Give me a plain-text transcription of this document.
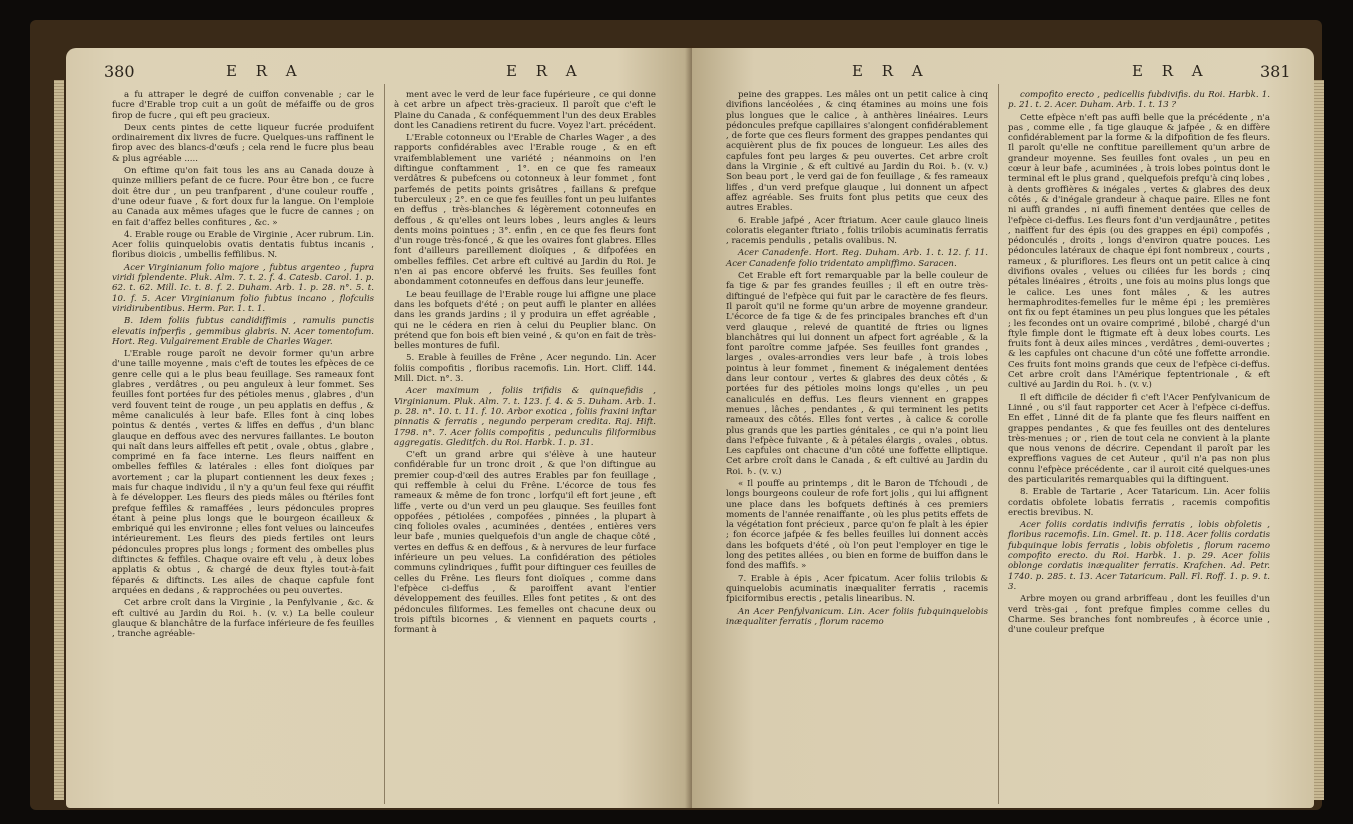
380	E R A	E R A

a fu attraper le degré de cuiffon convenable ; car le fucre d'Erable trop cuit a un goût de méfaiffe ou de gros firop de fucre , qui eft peu gracieux.

Deux cents pintes de cette liqueur fucrée produifent ordinairement dix livres de fucre. Quelques-uns raffinent le firop avec des blancs-d'œufs ; cela rend le fucre plus beau & plus agréable .....

On eftime qu'on fait tous les ans au Canada douze à quinze milliers pefant de ce fucre. Pour être bon , ce fucre doit être dur , un peu tranfparent , d'une couleur rouffe , d'une odeur fuave , & fort doux fur la langue. On l'emploie au Canada aux mêmes ufages que le fucre de cannes ; on en fait d'affez belles confitures , &c. »

4. Erable rouge ou Erable de Virginie , Acer rubrum. Lin. Acer foliis quinquelobis ovatis dentatis fubtus incanis , floribus dioicis , umbellis feffilibus. N.

Acer Virginianum folio majore , fubtus argenteo , fupra viridi fplendente. Pluk. Alm. 7. t. 2. f. 4. Catesb. Carol. 1. p. 62. t. 62. Mill. Ic. t. 8. f. 2. Duham. Arb. 1. p. 28. n°. 5. t. 10. f. 5. Acer Virginianum folio fubtus incano , flofculis viridirubentibus. Herm. Par. 1. t. 1.

B. Idem foliis fubtus candidiffimis , ramulis punctis elevatis infperfis , gemmibus glabris. N. Acer tomentofum. Hort. Reg. Vulgairement Erable de Charles Wager.

L'Erable rouge paroît ne devoir former qu'un arbre d'une taille moyenne , mais c'eft de toutes les efpèces de ce genre celle qui a le plus beau feuillage. Ses rameaux font glabres , verdâtres , ou peu anguleux à leur fommet. Ses feuilles font portées fur des pétioles menus , glabres , d'un verd fouvent teint de rouge , un peu applatis en deffus , & même canaliculés à leur bafe. Elles font à cinq lobes pointus & dentés , vertes & liffes en deffus , d'un blanc glauque en deffous avec des nervures faillantes. Le bouton qui naît dans leurs aiffelles eft petit , ovale , obtus , glabre , comprimé en fa face interne. Les fleurs naiffent en ombelles feffiles & latérales : elles font dioïques par avortement ; car la plupart contiennent les deux fexes ; mais fur chaque individu , il n'y a qu'un feul fexe qui réuffit à fe développer. Les fleurs des pieds mâles ou ftériles font prefque feffiles & ramaffées , leurs pédoncules propres étant à peine plus longs que le bourgeon écailleux & embriqué qui les environne ; elles font velues ou lainceufes intérieurement. Les fleurs des pieds fertiles ont leurs pédoncules propres plus longs ; forment des ombelles plus diftinctes & feffiles. Chaque ovaire eft velu , à deux lobes applatis & obtus , & chargé de deux ftyles tout-à-fait féparés & diftincts. Les ailes de chaque capfule font arquées en dedans , & rapprochées ou peu ouvertes.

Cet arbre croît dans la Virginie , la Penfylvanie , &c. & eft cultivé au Jardin du Roi. ♄. (v. v.) La belle couleur glauque & blanchâtre de la furface inférieure de fes feuilles , tranche agréable-

ment avec le verd de leur face fupérieure , ce qui donne à cet arbre un afpect très-gracieux. Il paroît que c'eft le Plaine du Canada , & conféquemment l'un des deux Erables dont les Canadiens retirent du fucre. Voyez l'art. précédent.

L'Erable cotonneux ou l'Erable de Charles Wager , a des rapports confidérables avec l'Erable rouge , & en eft vraifemblablement une variété ; néanmoins on l'en diftingue conftamment , 1°. en ce que fes rameaux verdâtres & pubefcens ou cotonneux à leur fommet , font parfemés de petits points grisâtres , faillans & prefque tuberculeux ; 2°. en ce que fes feuilles font un peu luifantes en deffus , très-blanches & légèrement cotonneufes en deffous , & qu'elles ont leurs lobes , leurs angles & leurs dents moins pointues ; 3°. enfin , en ce que fes fleurs font d'un rouge très-foncé , & que les ovaires font glabres. Elles font d'ailleurs pareillement dioïques , & difpofées en ombelles feffiles. Cet arbre eft cultivé au Jardin du Roi. Je n'en ai pas encore obfervé les fruits. Ses feuilles font abondamment cotonneufes en deffous dans leur jeuneffe.

Le beau feuillage de l'Erable rouge lui affigne une place dans les bofquets d'été ; on peut auffi le planter en allées dans les grands jardins ; il y produira un effet agréable , qui ne le cédera en rien à celui du Peuplier blanc. On prétend que fon bois eft bien veiné , & qu'on en fait de très-belles montures de fufil.

5. Erable à feuilles de Frêne , Acer negundo. Lin. Acer foliis compofitis , floribus racemofis. Lin. Hort. Cliff. 144. Mill. Dict. n°. 3.

Acer maximum , foliis trifidis & quinquefidis , Virginianum. Pluk. Alm. 7. t. 123. f. 4. & 5. Duham. Arb. 1. p. 28. n°. 10. t. 11. f. 10. Arbor exotica , foliis fraxini inftar pinnatis & ferratis , negundo perperam credita. Raj. Hift. 1798. n°. 7. Acer foliis compofitis , pedunculis filiformibus aggregatis. Gleditfch. du Roi. Harbk. 1. p. 31.

C'eft un grand arbre qui s'élève à une hauteur confidérable fur un tronc droit , & que l'on diftingue au premier coup-d'œil des autres Erables par fon feuillage , qui reffemble à celui du Frêne. L'écorce de tous fes rameaux & même de fon tronc , lorfqu'il eft fort jeune , eft liffe , verte ou d'un verd un peu glauque. Ses feuilles font oppofées , pétiolées , compofées , pinnées , la plupart à cinq folioles ovales , acuminées , dentées , entières vers leur bafe , munies quelquefois d'un angle de chaque côté , vertes en deffus & en deffous , & à nervures de leur furface inférieure un peu velues. La confidération des pétioles communs cylindriques , fuffit pour diftinguer ces feuilles de celles du Frêne. Les fleurs font dioïques , comme dans l'efpèce ci-deffus , & paroiffent avant l'entier développement des feuilles. Elles font petites , & ont des pédoncules filiformes. Les femelles ont chacune deux ou trois piftils bicornes , & viennent en paquets courts , formant à

E R A	E R A	381

peine des grappes. Les mâles ont un petit calice à cinq divifions lancéolées , & cinq étamines au moins une fois plus longues que le calice , à anthères linéaires. Leurs pédoncules prefque capillaires s'alongent confidérablement , de forte que ces fleurs forment des grappes pendantes qui acquièrent plus de fix pouces de longueur. Les ailes des capfules font peu larges & peu ouvertes. Cet arbre croît dans la Virginie , & eft cultivé au Jardin du Roi. ♄. (v. v.) Son beau port , le verd gai de fon feuillage , & fes rameaux liffes , d'un verd prefque glauque , lui donnent un afpect affez agréable. Ses fruits font plus petits que ceux des autres Erables.

6. Erable jafpé , Acer ftriatum. Acer caule glauco lineis coloratis eleganter ftriato , foliis trilobis acuminatis ferratis , racemis pendulis , petalis ovalibus. N.

Acer Canadenfe. Hort. Reg. Duham. Arb. 1. t. 12. f. 11. Acer Canadenfe folio tridentato ampliffimo. Saracen.

Cet Erable eft fort remarquable par la belle couleur de fa tige & par fes grandes feuilles ; il eft en outre très-diftingué de l'efpèce qui fuit par le caractère de fes fleurs. Il paroît qu'il ne forme qu'un arbre de moyenne grandeur. L'écorce de fa tige & de fes principales branches eft d'un verd glauque , relevé de quantité de ftries ou lignes blanchâtres qui lui donnent un afpect fort agréable , & la font paroître comme jafpée. Ses feuilles font grandes , larges , ovales-arrondies vers leur bafe , à trois lobes pointus à leur fommet , finement & inégalement dentées dans leur contour , vertes & glabres des deux côtés , & portées fur des pétioles moins longs qu'elles , un peu canaliculés en deffus. Les fleurs viennent en grappes menues , lâches , pendantes , & qui terminent les petits rameaux des côtés. Elles font vertes , à calice & corolle plus grands que les parties génitales , ce qui n'a point lieu dans l'efpèce fuivante , & à pétales élargis , ovales , obtus. Les capfules ont chacune d'un côté une foffette elliptique. Cet arbre croît dans le Canada , & eft cultivé au Jardin du Roi. ♄. (v. v.)

« Il pouffe au printemps , dit le Baron de Tfchoudi , de longs bourgeons couleur de rofe fort jolis , qui lui affignent une place dans les bofquets deftinés à ces premiers moments de l'année renaiffante , où les plus petits effets de la végétation font précieux , parce qu'on fe plaît à les épier ; fon écorce jafpée & fes belles feuilles lui donnent accès dans les bofquets d'été , où l'on peut l'employer en tige le long des petites allées , ou bien en forme de buiffon dans le fond des maffifs. »

7. Erable à épis , Acer fpicatum. Acer foliis trilobis & quinquelobis acuminatis inæqualiter ferratis , racemis fpiciformibus erectis , petalis linearibus. N.

An Acer Penfylvanicum. Lin. Acer foliis fubquinquelobis inæqualiter ferratis , florum racemo

compofito erecto , pedicellis fubdivifis. du Roi. Harbk. 1. p. 21. t. 2. Acer. Duham. Arb. 1. t. 13 ?

Cette efpèce n'eft pas auffi belle que la précédente , n'a pas , comme elle , fa tige glauque & jafpée , & en diffère confidérablement par la forme & la difpofition de fes fleurs. Il paroît qu'elle ne conftitue pareillement qu'un arbre de grandeur moyenne. Ses feuilles font ovales , un peu en cœur à leur bafe , acuminées , à trois lobes pointus dont le terminal eft le plus grand , quelquefois prefqu'à cinq lobes , à dents groffières & inégales , vertes & glabres des deux côtés , & d'inégale grandeur à chaque paire. Elles ne font ni auffi grandes , ni auffi finement dentées que celles de l'efpèce ci-deffus. Les fleurs font d'un verdjaunâtre , petites , naiffent fur des épis (ou des grappes en épi) compofés , pédonculés , droits , longs d'environ quatre pouces. Les pédoncules latéraux de chaque épi font nombreux , courts , rameux , & pluriflores. Les fleurs ont un petit calice à cinq divifions ovales , velues ou ciliées fur les bords ; cinq pétales linéaires , étroits , une fois au moins plus longs que le calice. Les unes font mâles , & les autres hermaphrodites-femelles fur le même épi ; les premières ont fix ou fept étamines un peu plus longues que les pétales ; les fecondes ont un ovaire comprimé , bilobé , chargé d'un ftyle fimple dont le ftigmate eft à deux lobes courts. Les fruits font à deux ailes minces , verdâtres , demi-ouvertes ; & les capfules ont chacune d'un côté une foffette arrondie. Ces fruits font moins grands que ceux de l'efpèce ci-deffus. Cet arbre croît dans l'Amérique feptentrionale , & eft cultivé au Jardin du Roi. ♄. (v. v.)

Il eft difficile de décider fi c'eft l'Acer Penfylvanicum de Linné , ou s'il faut rapporter cet Acer à l'efpèce ci-deffus. En effet , Linné dit de fa plante que fes fleurs naiffent en grappes pendantes , & que fes feuilles ont des dentelures très-menues ; or , rien de tout cela ne convient à la plante que nous venons de décrire. Cependant il paroît par les expreffions vagues de cet Auteur , qu'il n'a pas non plus connu l'efpèce précédente , car il auroit cité quelques-unes des particularités remarquables qui la diftinguent.

8. Erable de Tartarie , Acer Tataricum. Lin. Acer foliis cordatis obfolete lobatis ferratis , racemis compofitis erectis brevibus. N.

Acer foliis cordatis indivifis ferratis , lobis obfoletis , floribus racemofis. Lin. Gmel. It. p. 118. Acer foliis cordatis fubquinque lobis ferratis , lobis obfoletis , florum racemo compofito erecto. du Roi. Harbk. 1. p. 29. Acer foliis oblonge cordatis inæqualiter ferratis. Krafchen. Ad. Petr. 1740. p. 285. t. 13. Acer Tataricum. Pall. Fl. Roff. 1. p. 9. t. 3.

Arbre moyen ou grand arbriffeau , dont les feuilles d'un verd très-gai , font prefque fimples comme celles du Charme. Ses branches font nombreufes , à écorce unie , d'une couleur prefque
